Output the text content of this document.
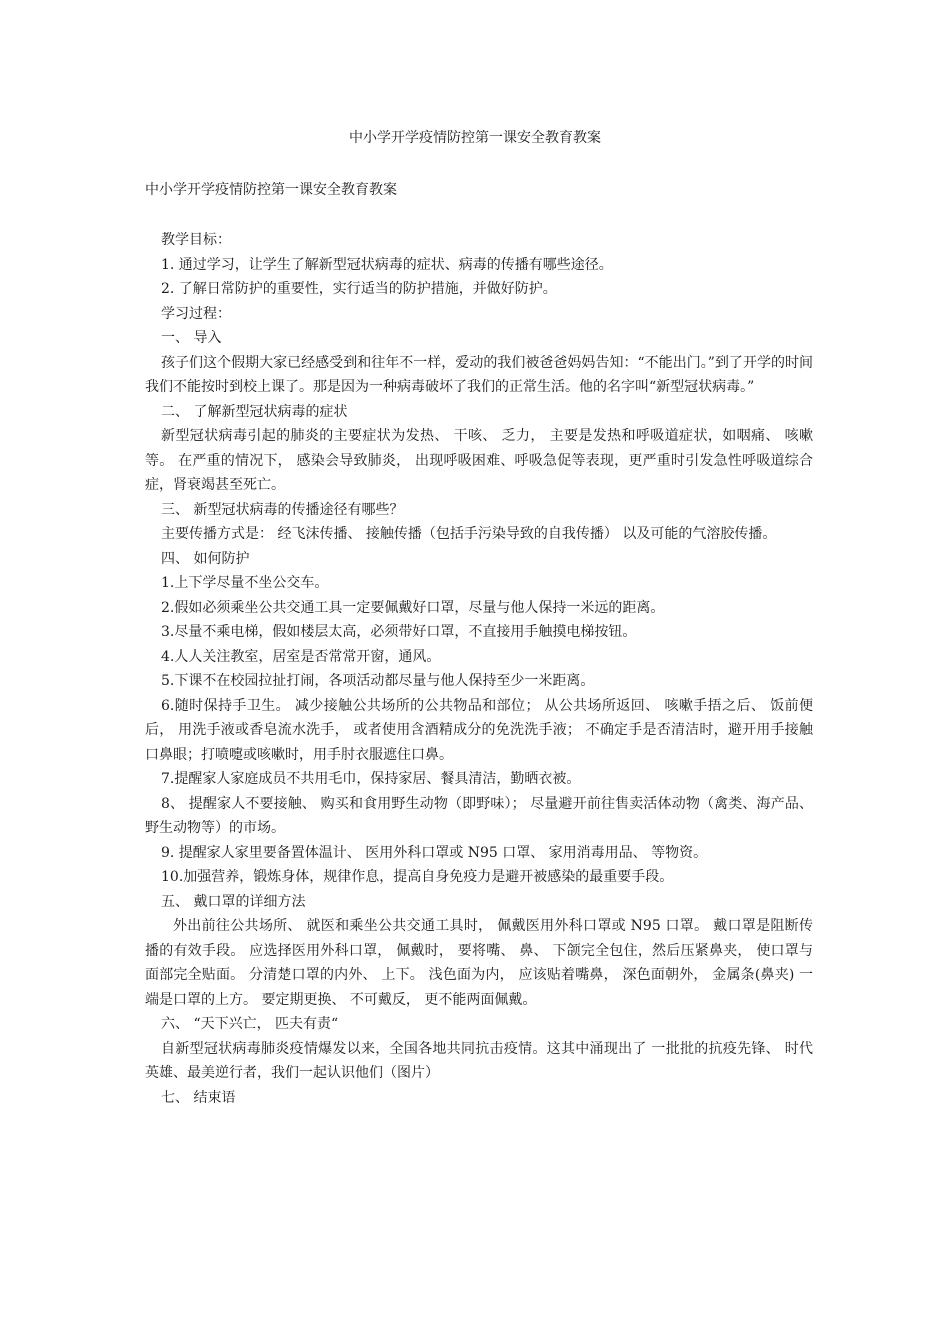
中小学开学疫情防控第一课安全教育教案
中小学开学疫情防控第一课安全教育教案

教学目标：

1. 通过学习，让学生了解新型冠状病毒的症状、病毒的传播有哪些途径。

2. 了解日常防护的重要性，实行适当的防护措施，并做好防护。

学习过程：

一、 导入

孩子们这个假期大家已经感受到和往年不一样，爱动的我们被爸爸妈妈告知：“不能出门。”到了开学的时间我们不能按时到校上课了。那是因为一种病毒破坏了我们的正常生活。他的名字叫“新型冠状病毒。”

二、 了解新型冠状病毒的症状

新型冠状病毒引起的肺炎的主要症状为发热、 干咳、 乏力， 主要是发热和呼吸道症状，如咽痛、 咳嗽等。 在严重的情况下， 感染会导致肺炎， 出现呼吸困难、呼吸急促等表现，更严重时引发急性呼吸道综合症，肾衰竭甚至死亡。

三、 新型冠状病毒的传播途径有哪些？

主要传播方式是： 经飞沫传播、 接触传播（包括手污染导致的自我传播） 以及可能的气溶胶传播。

四、 如何防护

1.上下学尽量不坐公交车。

2.假如必须乘坐公共交通工具一定要佩戴好口罩，尽量与他人保持一米远的距离。

3.尽量不乘电梯，假如楼层太高，必须带好口罩，不直接用手触摸电梯按钮。

4.人人关注教室，居室是否常常开窗，通风。

5.下课不在校园拉扯打闹，各项活动都尽量与他人保持至少一米距离。

6.随时保持手卫生。 减少接触公共场所的公共物品和部位； 从公共场所返回、 咳嗽手捂之后、 饭前便后， 用洗手液或香皂流水洗手， 或者使用含酒精成分的免洗洗手液； 不确定手是否清洁时，避开用手接触口鼻眼；打喷嚏或咳嗽时，用手肘衣服遮住口鼻。

7.提醒家人家庭成员不共用毛巾，保持家居、餐具清洁，勤晒衣被。

8、 提醒家人不要接触、 购买和食用野生动物（即野味）； 尽量避开前往售卖活体动物（禽类、海产品、野生动物等）的市场。

9. 提醒家人家里要备置体温计、 医用外科口罩或 N95 口罩、 家用消毒用品、 等物资。

10.加强营养，锻炼身体，规律作息，提高自身免疫力是避开被感染的最重要手段。

五、 戴口罩的详细方法

外出前往公共场所、 就医和乘坐公共交通工具时， 佩戴医用外科口罩或 N95 口罩。 戴口罩是阻断传播的有效手段。 应选择医用外科口罩， 佩戴时， 要将嘴、 鼻、 下颌完全包住，然后压紧鼻夹， 使口罩与面部完全贴面。 分清楚口罩的内外、 上下。 浅色面为内， 应该贴着嘴鼻， 深色面朝外， 金属条(鼻夹) 一端是口罩的上方。 要定期更换、 不可戴反， 更不能两面佩戴。

六、 “天下兴亡， 匹夫有责“

自新型冠状病毒肺炎疫情爆发以来，全国各地共同抗击疫情。这其中涌现出了 一批批的抗疫先锋、 时代英雄、最美逆行者，我们一起认识他们（图片）

七、 结束语
